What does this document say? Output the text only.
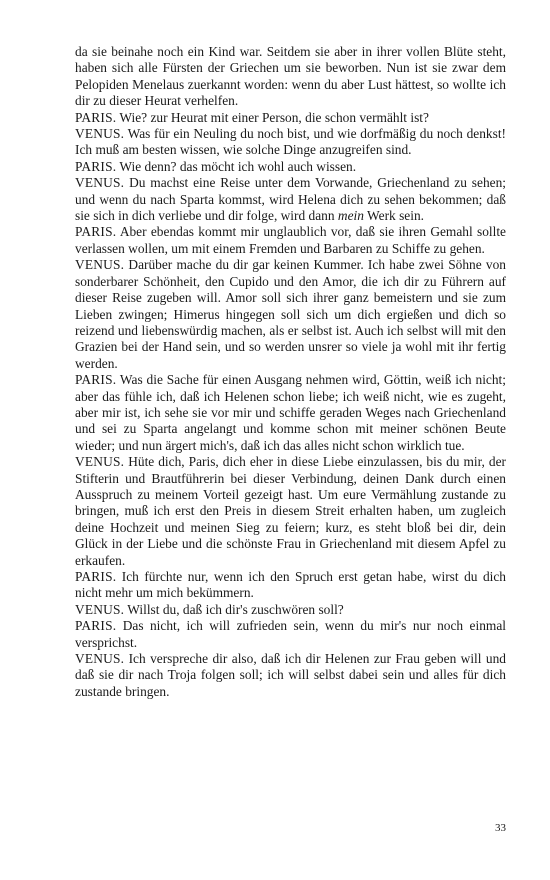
da sie beinahe noch ein Kind war. Seitdem sie aber in ihrer vollen Blüte steht, haben sich alle Fürsten der Griechen um sie beworben. Nun ist sie zwar dem Pelopiden Menelaus zuerkannt worden: wenn du aber Lust hättest, so wollte ich dir zu dieser Heurat verhelfen.

PARIS. Wie? zur Heurat mit einer Person, die schon vermählt ist?

VENUS. Was für ein Neuling du noch bist, und wie dorfmäßig du noch denkst! Ich muß am besten wissen, wie solche Dinge anzugreifen sind.

PARIS. Wie denn? das möcht ich wohl auch wissen.

VENUS. Du machst eine Reise unter dem Vorwande, Griechenland zu sehen; und wenn du nach Sparta kommst, wird Helena dich zu sehen bekommen; daß sie sich in dich verliebe und dir folge, wird dann mein Werk sein.

PARIS. Aber ebendas kommt mir unglaublich vor, daß sie ihren Gemahl sollte verlassen wollen, um mit einem Fremden und Barbaren zu Schiffe zu gehen.

VENUS. Darüber mache du dir gar keinen Kummer. Ich habe zwei Söhne von sonderbarer Schönheit, den Cupido und den Amor, die ich dir zu Führern auf dieser Reise zugeben will. Amor soll sich ihrer ganz bemeistern und sie zum Lieben zwingen; Himerus hingegen soll sich um dich ergießen und dich so reizend und liebenswürdig machen, als er selbst ist. Auch ich selbst will mit den Grazien bei der Hand sein, und so werden unsrer so viele ja wohl mit ihr fertig werden.

PARIS. Was die Sache für einen Ausgang nehmen wird, Göttin, weiß ich nicht; aber das fühle ich, daß ich Helenen schon liebe; ich weiß nicht, wie es zugeht, aber mir ist, ich sehe sie vor mir und schiffe geraden Weges nach Griechenland und sei zu Sparta angelangt und komme schon mit meiner schönen Beute wieder; und nun ärgert mich's, daß ich das alles nicht schon wirklich tue.

VENUS. Hüte dich, Paris, dich eher in diese Liebe einzulassen, bis du mir, der Stifterin und Brautführerin bei dieser Verbindung, deinen Dank durch einen Ausspruch zu meinem Vorteil gezeigt hast. Um eure Vermählung zustande zu bringen, muß ich erst den Preis in diesem Streit erhalten haben, um zugleich deine Hochzeit und meinen Sieg zu feiern; kurz, es steht bloß bei dir, dein Glück in der Liebe und die schönste Frau in Griechenland mit diesem Apfel zu erkaufen.

PARIS. Ich fürchte nur, wenn ich den Spruch erst getan habe, wirst du dich nicht mehr um mich bekümmern.

VENUS. Willst du, daß ich dir's zuschwören soll?

PARIS. Das nicht, ich will zufrieden sein, wenn du mir's nur noch einmal versprichst.

VENUS. Ich verspreche dir also, daß ich dir Helenen zur Frau geben will und daß sie dir nach Troja folgen soll; ich will selbst dabei sein und alles für dich zustande bringen.

33
